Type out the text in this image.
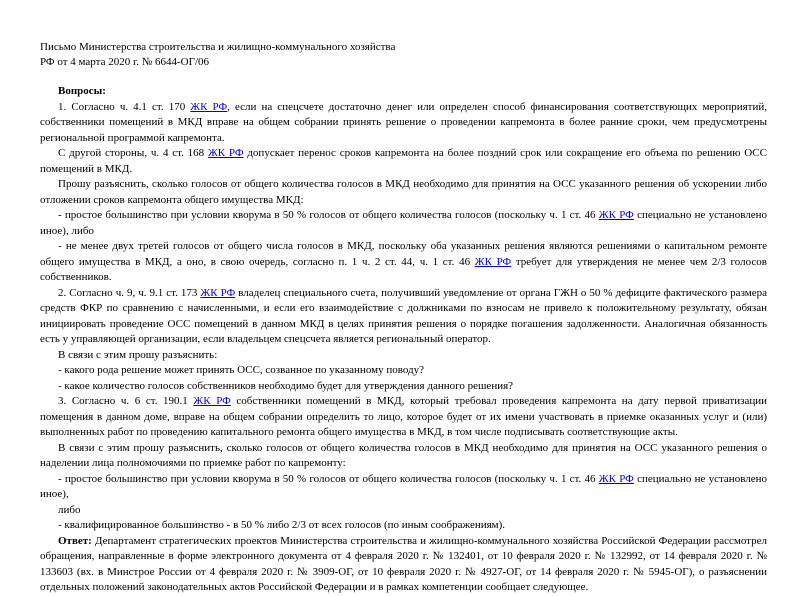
Письмо Министерства строительства и жилищно-коммунального хозяйства РФ от 4 марта 2020 г. № 6644-ОГ/06

Вопросы:

1. Согласно ч. 4.1 ст. 170 ЖК РФ, если на спецсчете достаточно денег или определен способ финансирования соответствующих мероприятий, собственники помещений в МКД вправе на общем собрании принять решение о проведении капремонта в более ранние сроки, чем предусмотрены региональной программой капремонта.

С другой стороны, ч. 4 ст. 168 ЖК РФ допускает перенос сроков капремонта на более поздний срок или сокращение его объема по решению ОСС помещений в МКД.

Прошу разъяснить, сколько голосов от общего количества голосов в МКД необходимо для принятия на ОСС указанного решения об ускорении либо отложении сроков капремонта общего имущества МКД:

- простое большинство при условии кворума в 50 % голосов от общего количества голосов (поскольку ч. 1 ст. 46 ЖК РФ специально не установлено иное), либо

- не менее двух третей голосов от общего числа голосов в МКД, поскольку оба указанных решения являются решениями о капитальном ремонте общего имущества в МКД, а оно, в свою очередь, согласно п. 1 ч. 2 ст. 44, ч. 1 ст. 46 ЖК РФ требует для утверждения не менее чем 2/3 голосов собственников.

2. Согласно ч. 9, ч. 9.1 ст. 173 ЖК РФ владелец специального счета, получивший уведомление от органа ГЖН о 50 % дефиците фактического размера средств ФКР по сравнению с начисленными, и если его взаимодействие с должниками по взносам не привело к положительному результату, обязан инициировать проведение ОСС помещений в данном МКД в целях принятия решения о порядке погашения задолженности. Аналогичная обязанность есть у управляющей организации, если владельцем спецсчета является региональный оператор.

В связи с этим прошу разъяснить:

- какого рода решение может принять ОСС, созванное по указанному поводу?

- какое количество голосов собственников необходимо будет для утверждения данного решения?

3. Согласно ч. 6 ст. 190.1 ЖК РФ собственники помещений в МКД, который требовал проведения капремонта на дату первой приватизации помещения в данном доме, вправе на общем собрании определить то лицо, которое будет от их имени участвовать в приемке оказанных услуг и (или) выполненных работ по проведению капитального ремонта общего имущества в МКД, в том числе подписывать соответствующие акты.

В связи с этим прошу разъяснить, сколько голосов от общего количества голосов в МКД необходимо для принятия на ОСС указанного решения о наделении лица полномочиями по приемке работ по капремонту:

- простое большинство при условии кворума в 50 % голосов от общего количества голосов (поскольку ч. 1 ст. 46 ЖК РФ специально не установлено иное),

либо

- квалифицированное большинство - в 50 % либо 2/3 от всех голосов (по иным соображениям).

Ответ: Департамент стратегических проектов Министерства строительства и жилищно-коммунального хозяйства Российской Федерации рассмотрел обращения, направленные в форме электронного документа от 4 февраля 2020 г. № 132401, от 10 февраля 2020 г. № 132992, от 14 февраля 2020 г. № 133603 (вх. в Минстрое России от 4 февраля 2020 г. № 3909-ОГ, от 10 февраля 2020 г. № 4927-ОГ, от 14 февраля 2020 г. № 5945-ОГ), о разъяснении отдельных положений законодательных актов Российской Федерации и в рамках компетенции сообщает следующее.
